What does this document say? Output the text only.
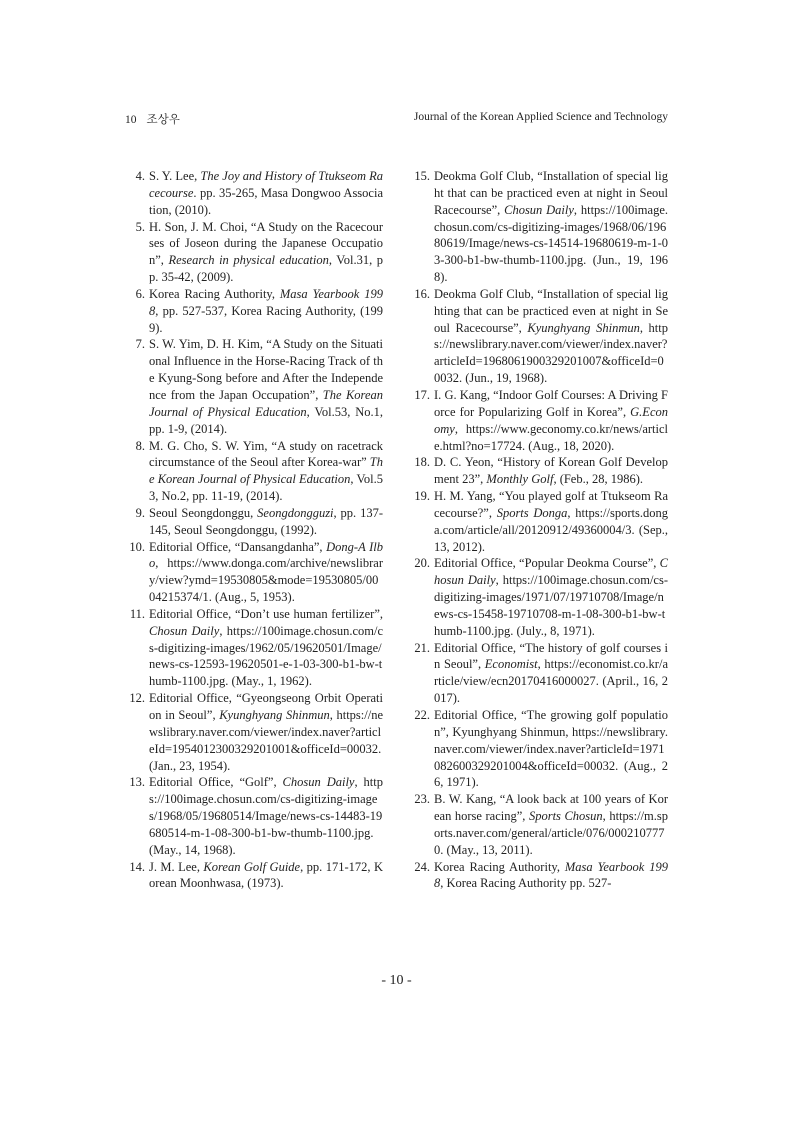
10 조상우	Journal of the Korean Applied Science and Technology
4. S. Y. Lee, The Joy and History of Ttukseom Racecourse. pp. 35-265, Masa Dongwoo Association, (2010).
5. H. Son, J. M. Choi, “A Study on the Racecourses of Joseon during the Japanese Occupation”, Research in physical education, Vol.31, pp. 35-42, (2009).
6. Korea Racing Authority, Masa Yearbook 1998, pp. 527-537, Korea Racing Authority, (1999).
7. S. W. Yim, D. H. Kim, “A Study on the Situational Influence in the Horse-Racing Track of the Kyung-Song before and After the Independence from the Japan Occupation”, The Korean Journal of Physical Education, Vol.53, No.1, pp. 1-9, (2014).
8. M. G. Cho, S. W. Yim, “A study on racetrack circumstance of the Seoul after Korea-war” The Korean Journal of Physical Education, Vol.53, No.2, pp. 11-19, (2014).
9. Seoul Seongdonggu, Seongdongguzi, pp. 137-145, Seoul Seongdonggu, (1992).
10. Editorial Office, “Dansangdanha”, Dong-A Ilbo, https://www.donga.com/archive/newslibrary/view?ymd=19530805&mode=19530805/0004215374/1. (Aug., 5, 1953).
11. Editorial Office, “Don’t use human fertilizer”, Chosun Daily, https://100image.chosun.com/cs-digitizing-images/1962/05/19620501/Image/news-cs-12593-19620501-e-1-03-300-b1-bw-thumb-1100.jpg. (May., 1, 1962).
12. Editorial Office, “Gyeongseong Orbit Operation in Seoul”, Kyunghyang Shinmun, https://newslibrary.naver.com/viewer/index.naver?articleId=1954012300329201001&officeId=00032. (Jan., 23, 1954).
13. Editorial Office, “Golf”, Chosun Daily, https://100image.chosun.com/cs-digitizing-images/1968/05/19680514/Image/news-cs-14483-19680514-m-1-08-300-b1-bw-thumb-1100.jpg. (May., 14, 1968).
14. J. M. Lee, Korean Golf Guide, pp. 171-172, Korean Moonhwasa, (1973).
15. Deokma Golf Club, “Installation of special light that can be practiced even at night in Seoul Racecourse”, Chosun Daily, https://100image.chosun.com/cs-digitizing-images/1968/06/19680619/Image/news-cs-14514-19680619-m-1-03-300-b1-bw-thumb-1100.jpg. (Jun., 19, 1968).
16. Deokma Golf Club, “Installation of special lighting that can be practiced even at night in Seoul Racecourse”, Kyunghyang Shinmun, https://newslibrary.naver.com/viewer/index.naver?articleId=1968061900329201007&officeId=00032. (Jun., 19, 1968).
17. I. G. Kang, “Indoor Golf Courses: A Driving Force for Popularizing Golf in Korea”, G.Economy, https://www.geconomy.co.kr/news/article.html?no=17724. (Aug., 18, 2020).
18. D. C. Yeon, “History of Korean Golf Development 23”, Monthly Golf, (Feb., 28, 1986).
19. H. M. Yang, “You played golf at Ttukseom Racecourse?”, Sports Donga, https://sports.donga.com/article/all/20120912/49360004/3. (Sep., 13, 2012).
20. Editorial Office, “Popular Deokma Course”, Chosun Daily, https://100image.chosun.com/cs-digitizing-images/1971/07/19710708/Image/news-cs-15458-19710708-m-1-08-300-b1-bw-thumb-1100.jpg. (July., 8, 1971).
21. Editorial Office, “The history of golf courses in Seoul”, Economist, https://economist.co.kr/article/view/ecn20170416000027. (April., 16, 2017).
22. Editorial Office, “The growing golf population”, Kyunghyang Shinmun, https://newslibrary.naver.com/viewer/index.naver?articleId=1971082600329201004&officeId=00032. (Aug., 26, 1971).
23. B. W. Kang, “A look back at 100 years of Korean horse racing”, Sports Chosun, https://m.sports.naver.com/general/article/076/0002107770. (May., 13, 2011).
24. Korea Racing Authority, Masa Yearbook 1998, Korea Racing Authority pp. 527-
- 10 -
